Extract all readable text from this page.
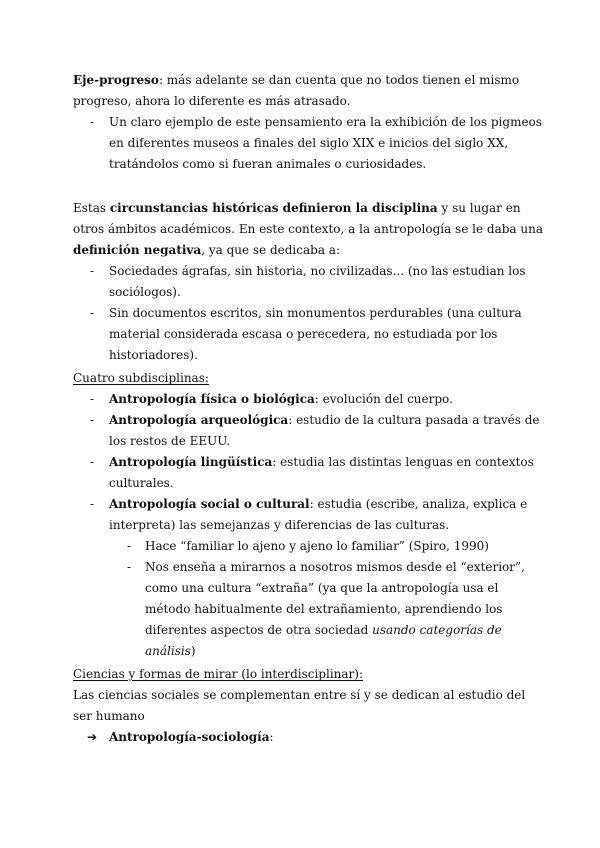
Eje-progreso: más adelante se dan cuenta que no todos tienen el mismo progreso, ahora lo diferente es más atrasado.

- Un claro ejemplo de este pensamiento era la exhibición de los pigmeos en diferentes museos a finales del siglo XIX e inicios del siglo XX, tratándolos como si fueran animales o curiosidades.

Estas circunstancias históricas definieron la disciplina y su lugar en otros ámbitos académicos. En este contexto, a la antropología se le daba una definición negativa, ya que se dedicaba a:

- Sociedades ágrafas, sin historia, no civilizadas... (no las estudian los sociólogos).
- Sin documentos escritos, sin monumentos perdurables (una cultura material considerada escasa o perecedera, no estudiada por los historiadores).

Cuatro subdisciplinas:

- Antropología física o biológica: evolución del cuerpo.
- Antropología arqueológica: estudio de la cultura pasada a través de los restos de EEUU.
- Antropología lingüística: estudia las distintas lenguas en contextos culturales.
- Antropología social o cultural: estudia (escribe, analiza, explica e interpreta) las semejanzas y diferencias de las culturas.
- Hace “familiar lo ajeno y ajeno lo familiar” (Spiro, 1990)
- Nos enseña a mirarnos a nosotros mismos desde el “exterior”, como una cultura “extraña” (ya que la antropología usa el método habitualmente del extrañamiento, aprendiendo los diferentes aspectos de otra sociedad usando categorías de análisis)

Ciencias y formas de mirar (lo interdisciplinar):

Las ciencias sociales se complementan entre sí y se dedican al estudio del ser humano

➔ Antropología-sociología:
